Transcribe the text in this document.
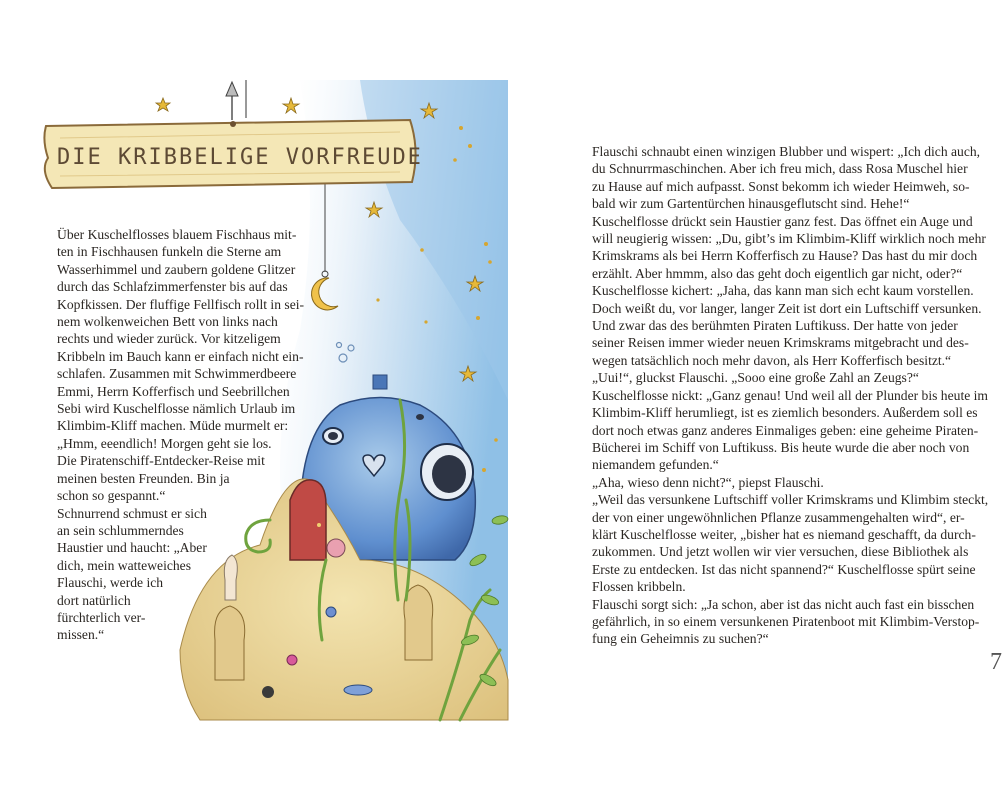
DIE KRIBBELIGE VORFREUDE
Über Kuschelflosses blauem Fischhaus mit-
ten in Fischhausen funkeln die Sterne am
Wasserhimmel und zaubern goldene Glitzer
durch das Schlafzimmerfenster bis auf das
Kopfkissen. Der fluffige Fellfisch rollt in sei-
nem wolkenweichen Bett von links nach
rechts und wieder zurück. Vor kitzeligem
Kribbeln im Bauch kann er einfach nicht ein-
schlafen. Zusammen mit Schwimmerdbeere
Emmi, Herrn Kofferfisch und Seebrillchen
Sebi wird Kuschelflosse nämlich Urlaub im
Klimbim-Kliff machen. Müde murmelt er:
„Hmm, eeendlich! Morgen geht sie los.
Die Piratenschiff-Entdecker-Reise mit
meinen besten Freunden. Bin ja
schon so gespannt.“
Schnurrend schmust er sich
an sein schlummerndes
Haustier und haucht: „Aber
dich, mein watteweiches
Flauschi, werde ich
dort natürlich
fürchterlich ver-
missen.“
Flauschi schnaubt einen winzigen Blubber und wispert: „Ich dich auch,
du Schnurrmaschinchen. Aber ich freu mich, dass Rosa Muschel hier
zu Hause auf mich aufpasst. Sonst bekomm ich wieder Heimweh, so-
bald wir zum Gartentürchen hinausgeflutscht sind. Hehe!“
Kuschelflosse drückt sein Haustier ganz fest. Das öffnet ein Auge und
will neugierig wissen: „Du, gibt’s im Klimbim-Kliff wirklich noch mehr
Krimskrams als bei Herrn Kofferfisch zu Hause? Das hast du mir doch
erzählt. Aber hmmm, also das geht doch eigentlich gar nicht, oder?“
Kuschelflosse kichert: „Jaha, das kann man sich echt kaum vorstellen.
Doch weißt du, vor langer, langer Zeit ist dort ein Luftschiff versunken.
Und zwar das des berühmten Piraten Luftikuss. Der hatte von jeder
seiner Reisen immer wieder neuen Krimskrams mitgebracht und des-
wegen tatsächlich noch mehr davon, als Herr Kofferfisch besitzt.“
„Uui!“, gluckst Flauschi. „Sooo eine große Zahl an Zeugs?“
Kuschelflosse nickt: „Ganz genau! Und weil all der Plunder bis heute im
Klimbim-Kliff herumliegt, ist es ziemlich besonders. Außerdem soll es
dort noch etwas ganz anderes Einmaliges geben: eine geheime Piraten-
Bücherei im Schiff von Luftikuss. Bis heute wurde die aber noch von
niemandem gefunden.“
„Aha, wieso denn nicht?“, piepst Flauschi.
„Weil das versunkene Luftschiff voller Krimskrams und Klimbim steckt,
der von einer ungewöhnlichen Pflanze zusammengehalten wird“, er-
klärt Kuschelflosse weiter, „bisher hat es niemand geschafft, da durch-
zukommen. Und jetzt wollen wir vier versuchen, diese Bibliothek als
Erste zu entdecken. Ist das nicht spannend?“ Kuschelflosse spürt seine
Flossen kribbeln.
Flauschi sorgt sich: „Ja schon, aber ist das nicht auch fast ein bisschen
gefährlich, in so einem versunkenen Piratenboot mit Klimbim-Verstop-
fung ein Geheimnis zu suchen?“
7
